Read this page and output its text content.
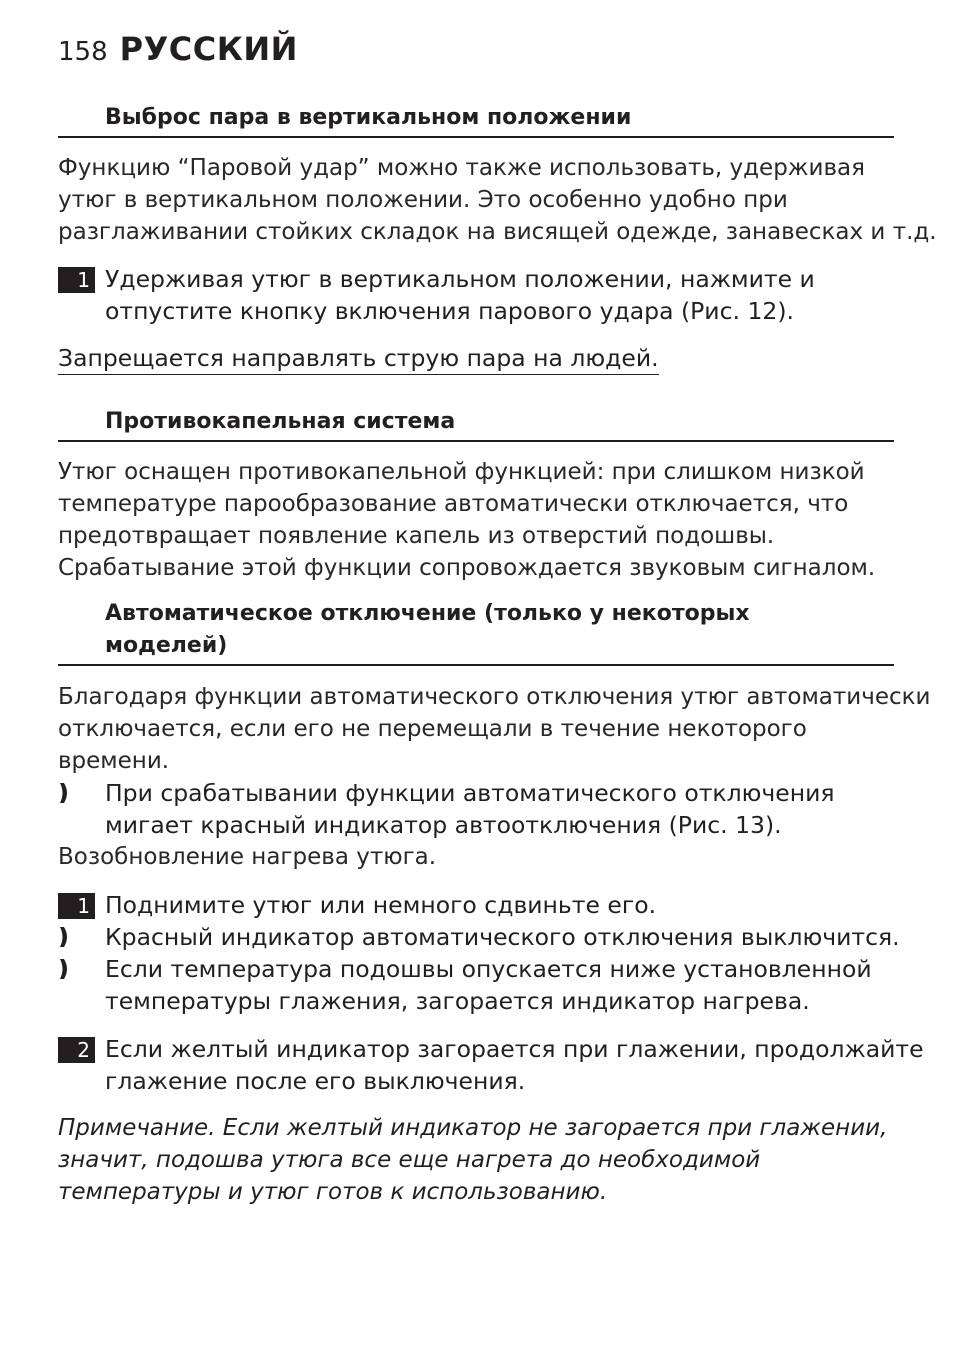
158 РУССКИЙ
Выброс пара в вертикальном положении
Функцию “Паровой удар” можно также использовать, удерживая
утюг в вертикальном положении. Это особенно удобно при
разглаживании стойких складок на висящей одежде, занавесках и т.д.
1 Удерживая утюг в вертикальном положении, нажмите и
отпустите кнопку включения парового удара (Рис. 12).
Запрещается направлять струю пара на людей.
Противокапельная система
Утюг оснащен противокапельной функцией: при слишком низкой
температуре парообразование автоматически отключается, что
предотвращает появление капель из отверстий подошвы.
Срабатывание этой функции сопровождается звуковым сигналом.
Автоматическое отключение (только у некоторых
моделей)
Благодаря функции автоматического отключения утюг автоматически
отключается, если его не перемещали в течение некоторого
времени.
При срабатывании функции автоматического отключения
мигает красный индикатор автоотключения (Рис. 13).
Возобновление нагрева утюга.
1 Поднимите утюг или немного сдвиньте его.
Красный индикатор автоматического отключения выключится.
Если температура подошвы опускается ниже установленной
температуры глажения, загорается индикатор нагрева.
2 Если желтый индикатор загорается при глажении, продолжайте
глажение после его выключения.
Примечание. Если желтый индикатор не загорается при глажении,
значит, подошва утюга все еще нагрета до необходимой
температуры и утюг готов к использованию.
